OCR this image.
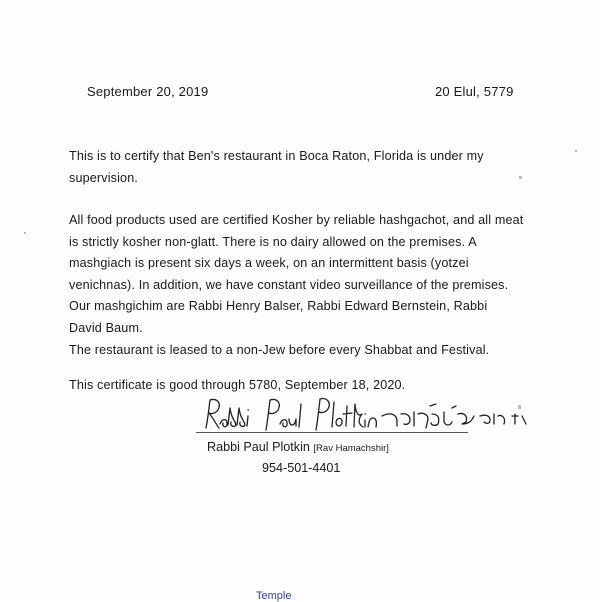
September 20, 2019	20 Elul, 5779
This is to certify that Ben's restaurant in Boca Raton, Florida is under my
supervision.
All food products used are certified Kosher by reliable hashgachot, and all meat
is strictly kosher non-glatt. There is no dairy allowed on the premises. A
mashgiach is present six days a week, on an intermittent basis (yotzei
venichnas). In addition, we have constant video surveillance of the premises.
Our mashgichim are Rabbi Henry Balser, Rabbi Edward Bernstein, Rabbi
David Baum.
The restaurant is leased to a non-Jew before every Shabbat and Festival.
This certificate is good through 5780, September 18, 2020.
Rabbi Paul Plotkin [Rav Hamachshir]
954-501-4401
Temple
